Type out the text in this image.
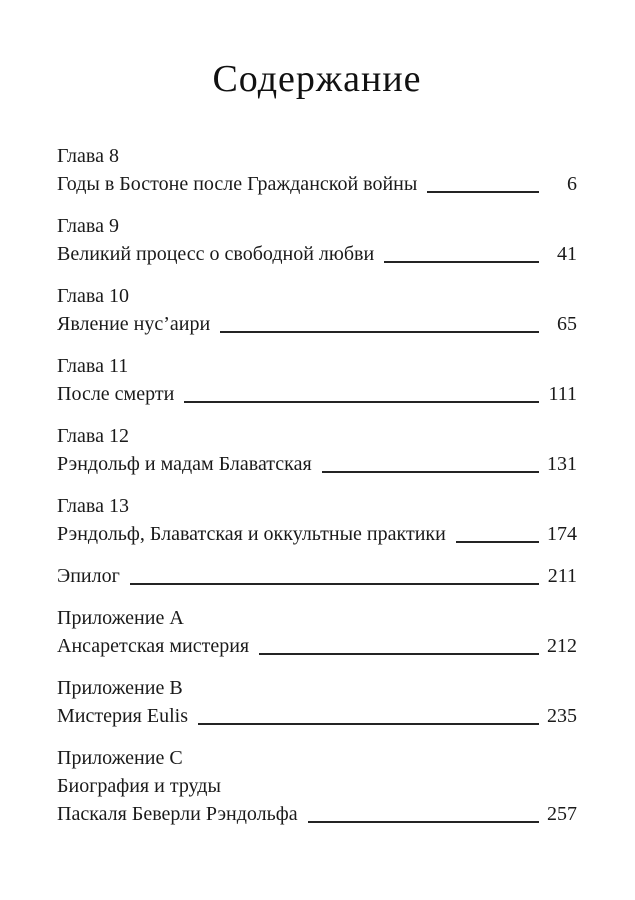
Содержание
Глава 8
Годы в Бостоне после Гражданской войны	6
Глава 9
Великий процесс о свободной любви	41
Глава 10
Явление нус’аири	65
Глава 11
После смерти	111
Глава 12
Рэндольф и мадам Блаватская	131
Глава 13
Рэндольф, Блаватская и оккультные практики	174
Эпилог	211
Приложение A
Ансаретская мистерия	212
Приложение B
Мистерия Eulis	235
Приложение C
Биография и труды
Паскаля Беверли Рэндольфа	257
